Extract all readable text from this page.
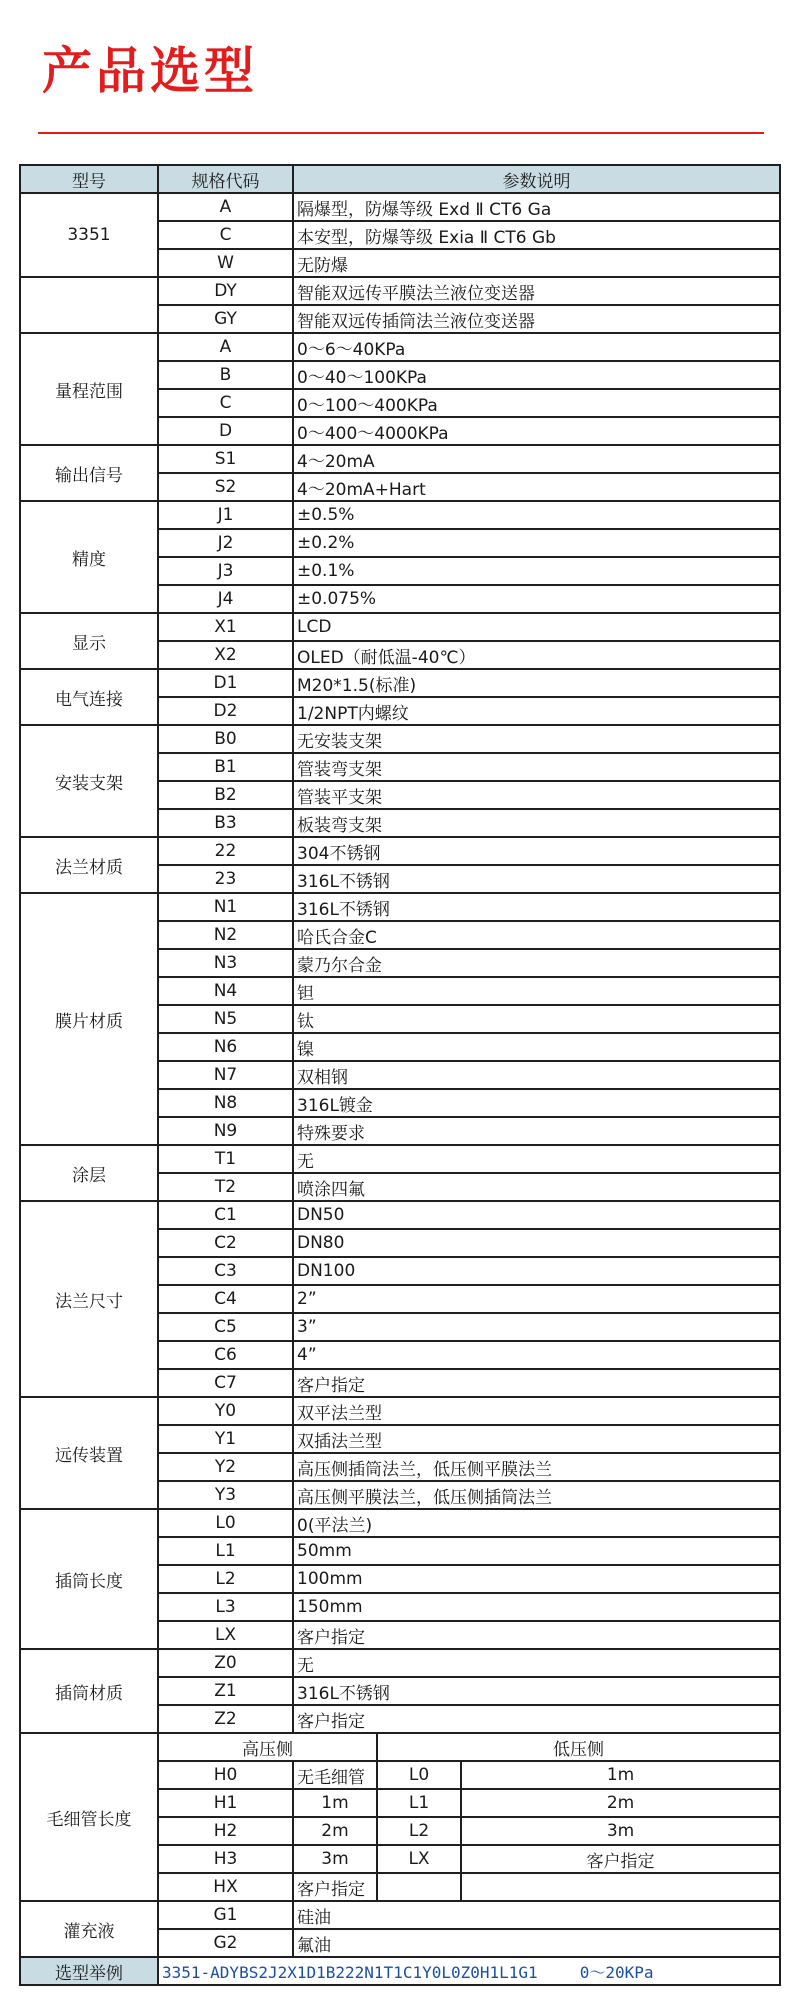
产品选型
型号	规格代码	参数说明		
3351	A	隔爆型，防爆等级 Exd Ⅱ CT6 Ga		
	C	本安型，防爆等级 Exia Ⅱ CT6 Gb		
	W	无防爆		
	DY	智能双远传平膜法兰液位变送器		
	GY	智能双远传插筒法兰液位变送器		
量程范围	A	0～6～40KPa		
	B	0～40～100KPa		
	C	0～100～400KPa		
	D	0～400～4000KPa		
输出信号	S1	4～20mA		
	S2	4～20mA+Hart		
精度	J1	±0.5%		
	J2	±0.2%		
	J3	±0.1%		
	J4	±0.075%		
显示	X1	LCD		
	X2	OLED（耐低温-40℃）		
电气连接	D1	M20*1.5(标准)		
	D2	1/2NPT内螺纹		
安装支架	B0	无安装支架		
	B1	管装弯支架		
	B2	管装平支架		
	B3	板装弯支架		
法兰材质	22	304不锈钢		
	23	316L不锈钢		
膜片材质	N1	316L不锈钢		
	N2	哈氏合金C		
	N3	蒙乃尔合金		
	N4	钽		
	N5	钛		
	N6	镍		
	N7	双相钢		
	N8	316L镀金		
	N9	特殊要求		
涂层	T1	无		
	T2	喷涂四氟		
法兰尺寸	C1	DN50		
	C2	DN80		
	C3	DN100		
	C4	2”		
	C5	3”		
	C6	4”		
	C7	客户指定		
远传装置	Y0	双平法兰型		
	Y1	双插法兰型		
	Y2	高压侧插筒法兰，低压侧平膜法兰		
	Y3	高压侧平膜法兰，低压侧插筒法兰		
插筒长度	L0	0(平法兰)		
	L1	50mm		
	L2	100mm		
	L3	150mm		
	LX	客户指定		
插筒材质	Z0	无		
	Z1	316L不锈钢		
	Z2	客户指定		
毛细管长度	高压侧		低压侧	
	H0	无毛细管	L0	1m
	H1	1m	L1	2m
	H2	2m	L2	3m
	H3	3m	LX	客户指定
	HX	客户指定		
灌充液	G1	硅油		
	G2	氟油		
选型举例	3351-ADYBS2J2X1D1B222N1T1C1Y0L0Z0H1L1G1 0～20KPa			
